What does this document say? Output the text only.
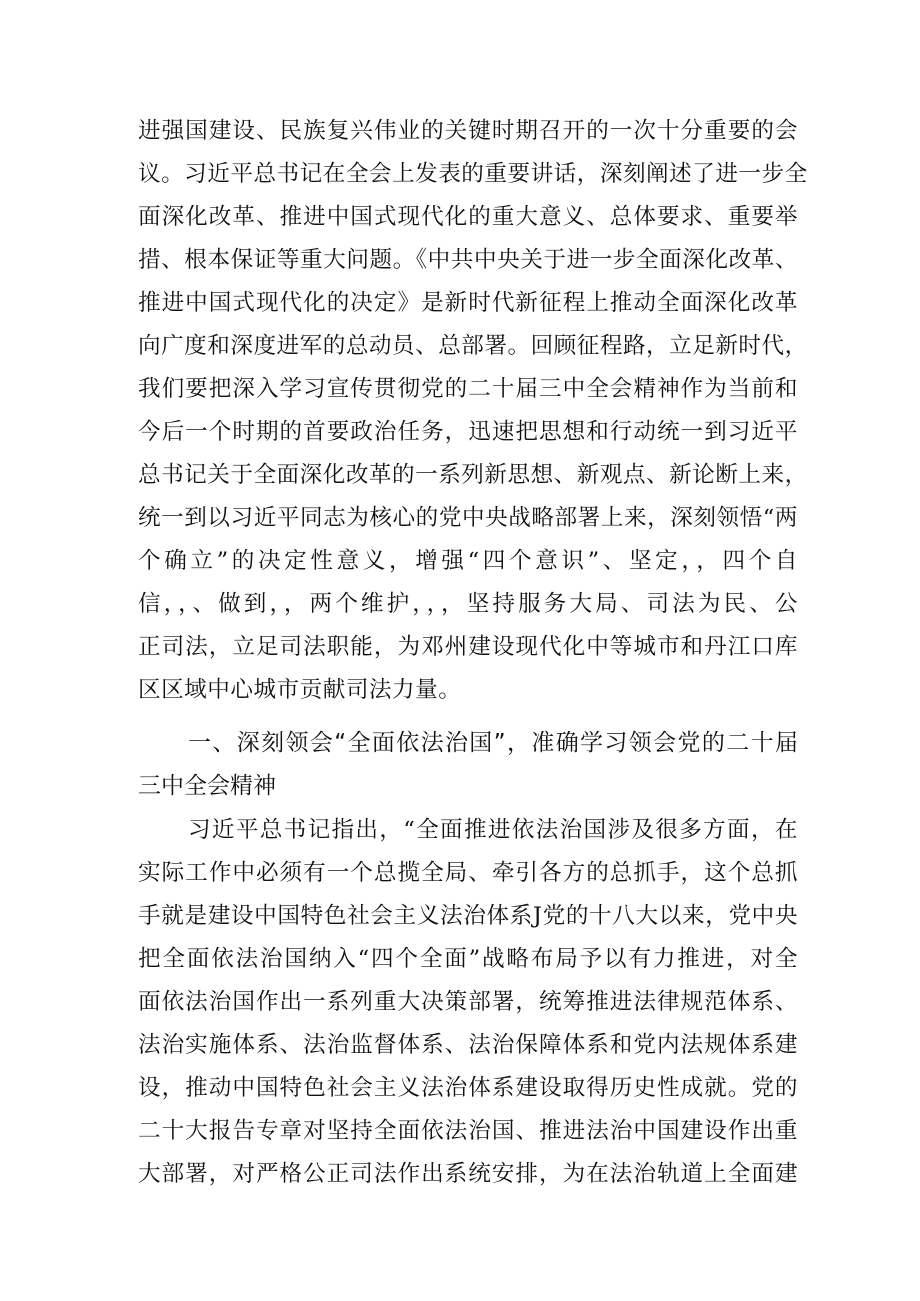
进强国建设、民族复兴伟业的关键时期召开的一次十分重要的会
议。习近平总书记在全会上发表的重要讲话，深刻阐述了进一步全
面深化改革、推进中国式现代化的重大意义、总体要求、重要举
措、根本保证等重大问题。《中共中央关于进一步全面深化改革、
推进中国式现代化的决定》是新时代新征程上推动全面深化改革
向广度和深度进军的总动员、总部署。回顾征程路，立足新时代，
我们要把深入学习宣传贯彻党的二十届三中全会精神作为当前和
今后一个时期的首要政治任务，迅速把思想和行动统一到习近平
总书记关于全面深化改革的一系列新思想、新观点、新论断上来，
统一到以习近平同志为核心的党中央战略部署上来，深刻领悟“两
个确立”的决定性意义，增强“四个意识”、坚定，，四个自
信，，、做到，，两个维护，，，坚持服务大局、司法为民、公
正司法，立足司法职能，为邓州建设现代化中等城市和丹江口库
区区域中心城市贡献司法力量。
一、深刻领会“全面依法治国”，准确学习领会党的二十届
三中全会精神
习近平总书记指出，“全面推进依法治国涉及很多方面，在
实际工作中必须有一个总揽全局、牵引各方的总抓手，这个总抓
手就是建设中国特色社会主义法治体系J党的十八大以来，党中央
把全面依法治国纳入“四个全面”战略布局予以有力推进，对全
面依法治国作出一系列重大决策部署，统筹推进法律规范体系、
法治实施体系、法治监督体系、法治保障体系和党内法规体系建
设，推动中国特色社会主义法治体系建设取得历史性成就。党的
二十大报告专章对坚持全面依法治国、推进法治中国建设作出重
大部署，对严格公正司法作出系统安排，为在法治轨道上全面建
